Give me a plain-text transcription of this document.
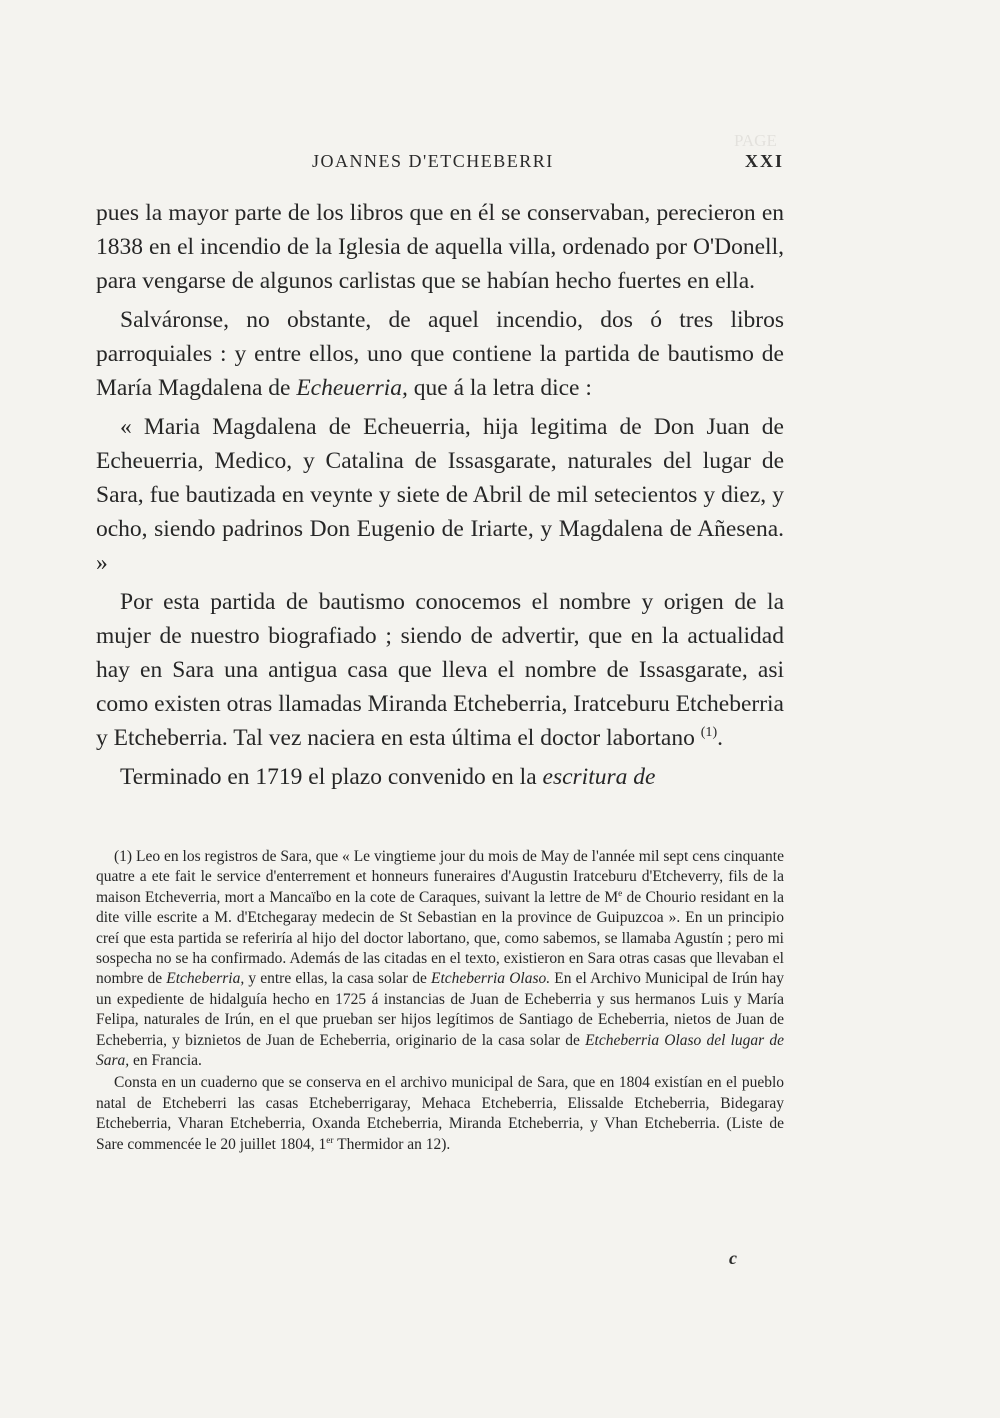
PAGE
JOANNES D'ETCHEBERRI	XXI

pues la mayor parte de los libros que en él se conservaban, perecieron en 1838 en el incendio de la Iglesia de aquella villa, ordenado por O'Donell, para vengarse de algunos carlistas que se habían hecho fuertes en ella.

Salváronse, no obstante, de aquel incendio, dos ó tres libros parroquiales : y entre ellos, uno que contiene la partida de bautismo de María Magdalena de Echeuerria, que á la letra dice :

« Maria Magdalena de Echeuerria, hija legitima de Don Juan de Echeuerria, Medico, y Catalina de Issasgarate, naturales del lugar de Sara, fue bautizada en veynte y siete de Abril de mil setecientos y diez, y ocho, siendo padrinos Don Eugenio de Iriarte, y Magdalena de Añesena. »

Por esta partida de bautismo conocemos el nombre y origen de la mujer de nuestro biografiado ; siendo de advertir, que en la actualidad hay en Sara una antigua casa que lleva el nombre de Issasgarate, asi como existen otras llamadas Miranda Etcheberria, Iratceburu Etcheberria y Etcheberria. Tal vez naciera en esta última el doctor labortano $^{(1)}$.

Terminado en 1719 el plazo convenido en la escritura de

(1) Leo en los registros de Sara, que « Le vingtieme jour du mois de May de l'année mil sept cens cinquante quatre a ete fait le service d'enterrement et honneurs funeraires d'Augustin Iratceburu d'Etcheverry, fils de la maison Etcheverria, mort a Mancaïbo en la cote de Caraques, suivant la lettre de Me de Chourio residant en la dite ville escrite a M. d'Etchegaray medecin de St Sebastian en la province de Guipuzcoa ». En un principio creí que esta partida se referiría al hijo del doctor labortano, que, como sabemos, se llamaba Agustín ; pero mi sospecha no se ha confirmado. Además de las citadas en el texto, existieron en Sara otras casas que llevaban el nombre de Etcheberria, y entre ellas, la casa solar de Etcheberria Olaso. En el Archivo Municipal de Irún hay un expediente de hidalguía hecho en 1725 á instancias de Juan de Echeberria y sus hermanos Luis y María Felipa, naturales de Irún, en el que prueban ser hijos legítimos de Santiago de Echeberria, nietos de Juan de Echeberria, y biznietos de Juan de Echeberria, originario de la casa solar de Etcheberria Olaso del lugar de Sara, en Francia.

Consta en un cuaderno que se conserva en el archivo municipal de Sara, que en 1804 existían en el pueblo natal de Etcheberri las casas Etcheberrigaray, Mehaca Etcheberria, Elissalde Etcheberria, Bidegaray Etcheberria, Vharan Etcheberria, Oxanda Etcheberria, Miranda Etcheberria, y Vhan Etcheberria. (Liste de Sare commencée le 20 juillet 1804, 1er Thermidor an 12).

c
